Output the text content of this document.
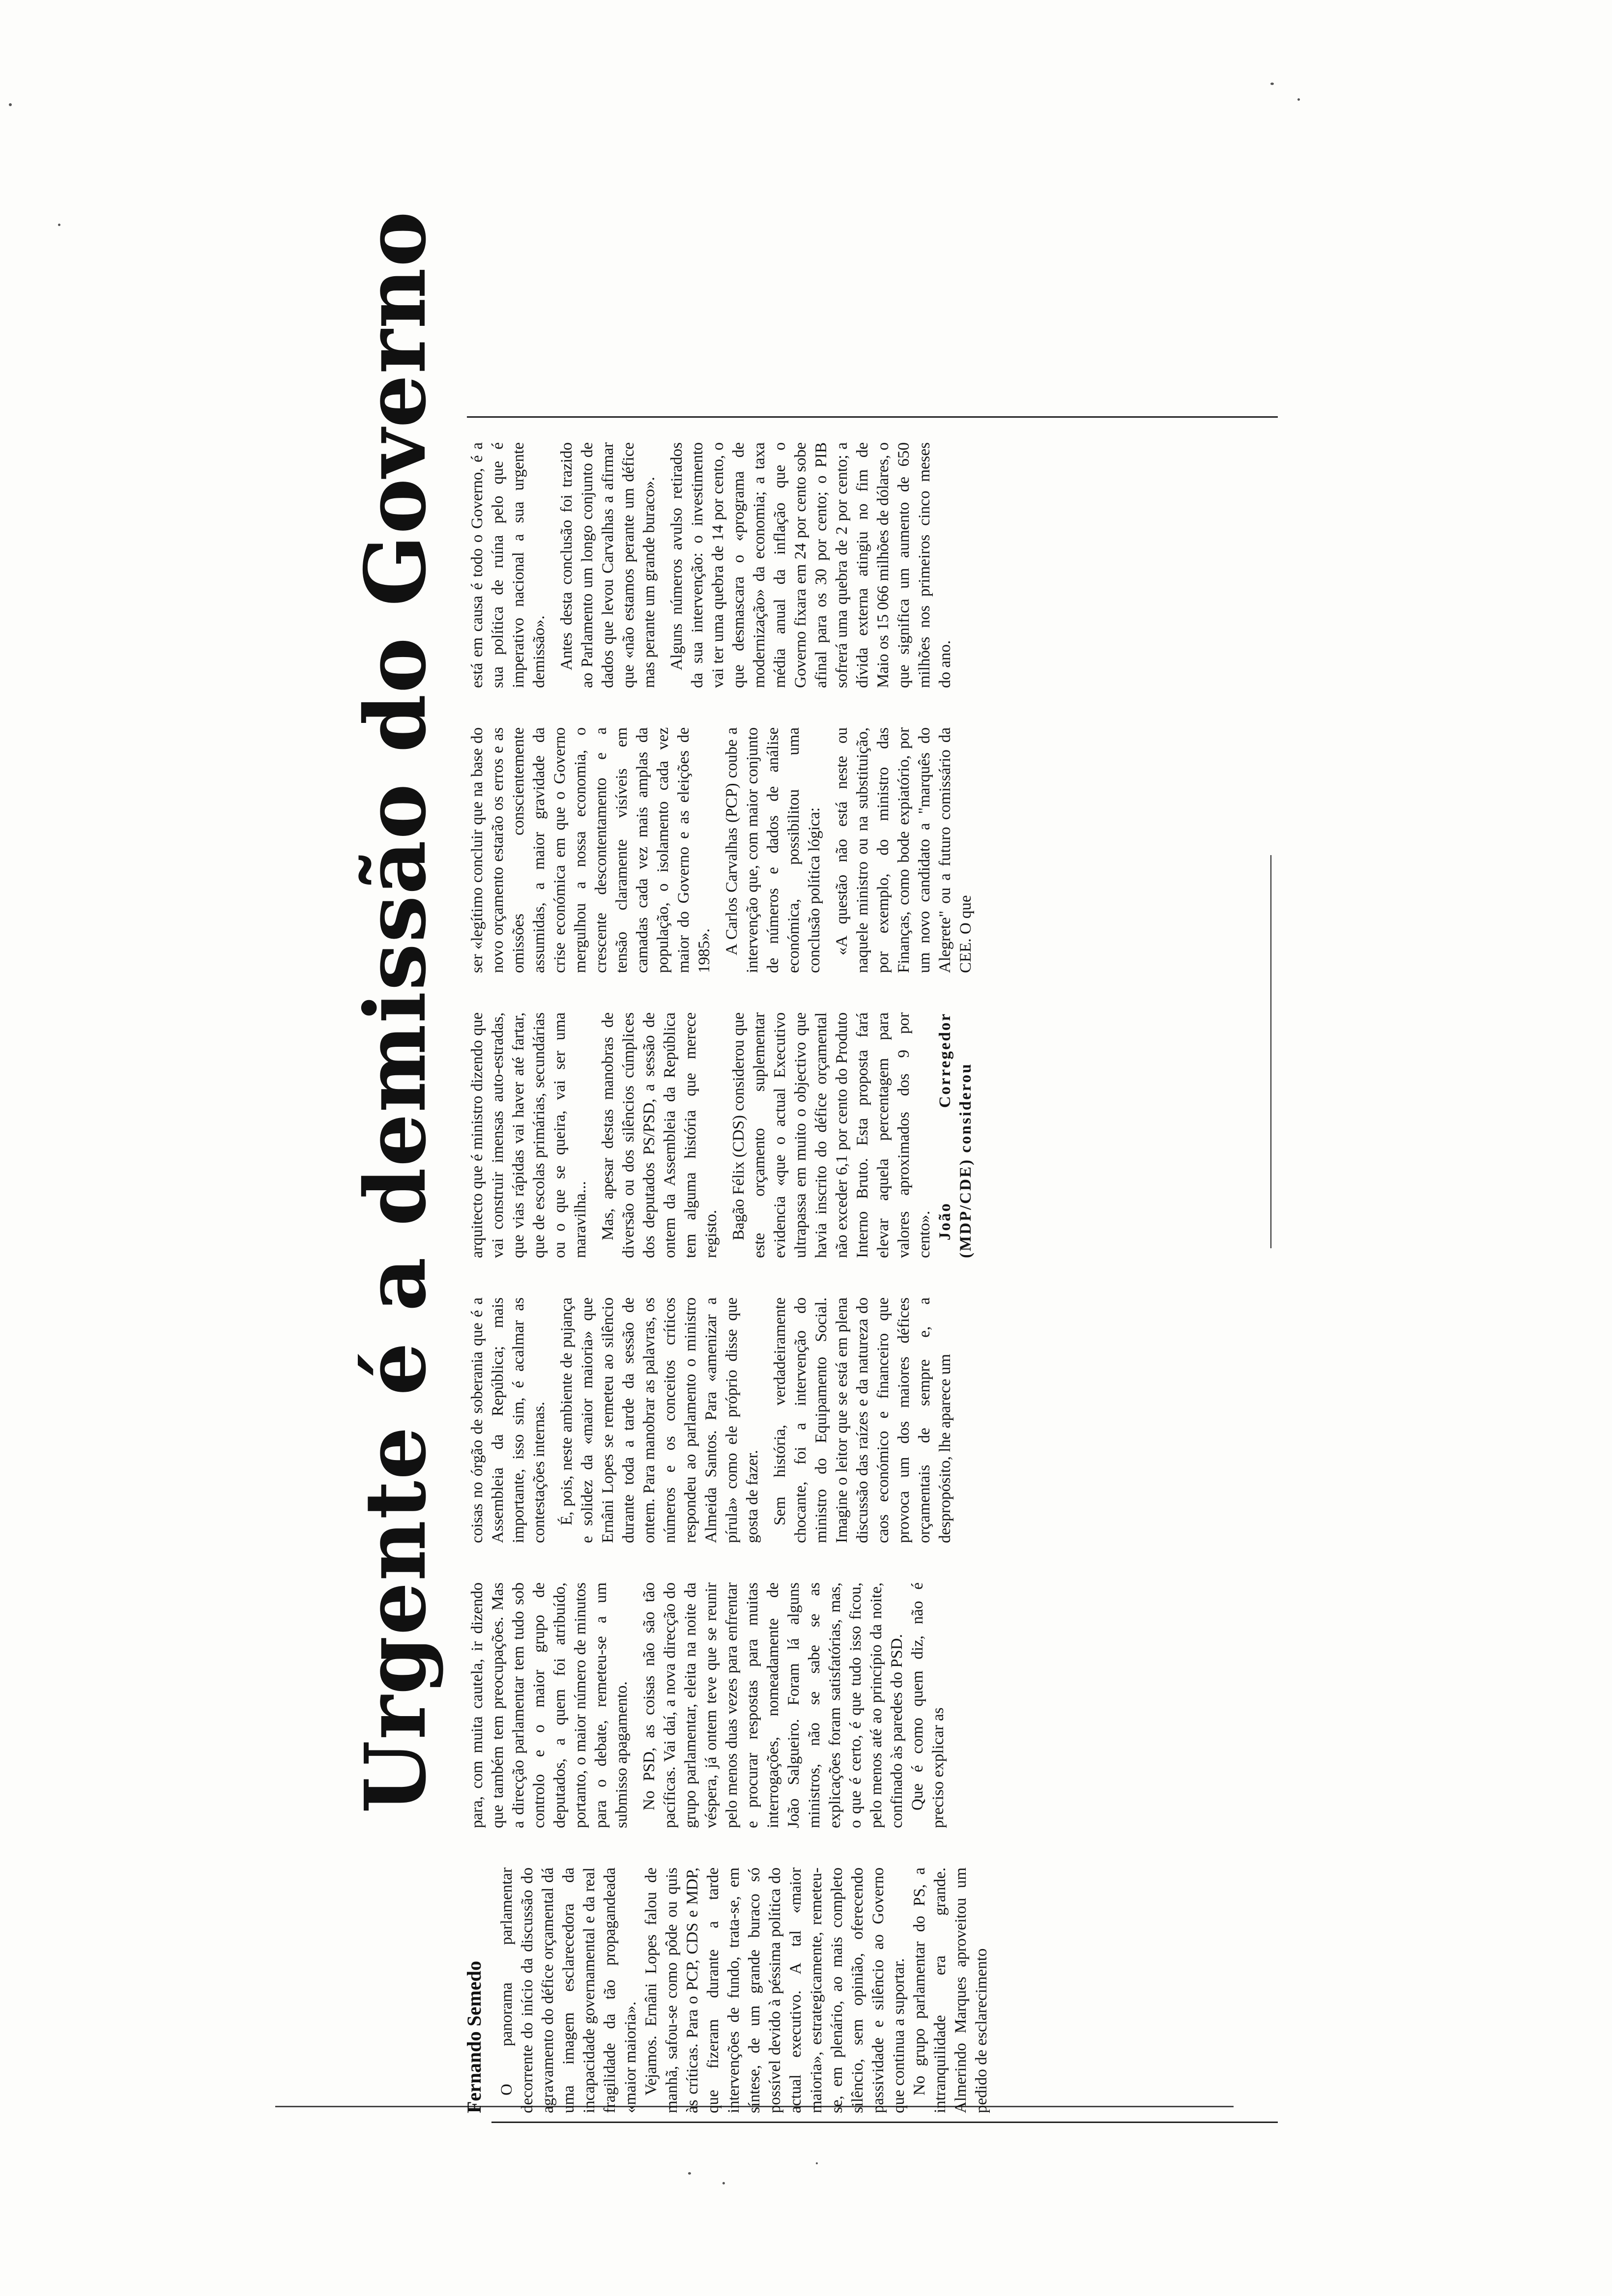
Urgente é a demissão do Governo
Fernando Semedo O panorama parlamentar decorrente do início da discussão do agravamento do défice orçamental dá uma imagem esclarecedora da incapacidade governamental e da real fragilidade da tão propagandeada «maior maioria». Vejamos. Ernâni Lopes falou de manhã, safou-se como pôde ou quis às críticas. Para o PCP, CDS e MDP, que fizeram durante a tarde intervenções de fundo, trata-se, em síntese, de um grande buraco só possível devido à péssima política do actual executivo. A tal «maior maioria», estrategicamente, remeteu-se, em plenário, ao mais completo silêncio, sem opinião, oferecendo passividade e silêncio ao Governo que continua a suportar. No grupo parlamentar do PS, a intranquilidade era grande. Almerindo Marques aproveitou um pedido de esclarecimento

para, com muita cautela, ir dizendo que também tem preocupações. Mas a direcção parlamentar tem tudo sob controlo e o maior grupo de deputados, a quem foi atribuído, portanto, o maior número de minutos para o debate, remeteu-se a um submisso apagamento. No PSD, as coisas não são tão pacíficas. Vai daí, a nova direcção do grupo parlamentar, eleita na noite da véspera, já ontem teve que se reunir pelo menos duas vezes para enfrentar e procurar respostas para muitas interrogações, nomeadamente de João Salgueiro. Foram lá alguns ministros, não se sabe se as explicações foram satisfatórias, mas, o que é certo, é que tudo isso ficou, pelo menos até ao princípio da noite, confinado às paredes do PSD. Que é como quem diz, não é preciso explicar as

coisas no órgão de soberania que é a Assembleia da República; mais importante, isso sim, é acalmar as contestações internas. É, pois, neste ambiente de pujança e solidez da «maior maioria» que Ernâni Lopes se remeteu ao silêncio durante toda a tarde da sessão de ontem. Para manobrar as palavras, os números e os conceitos críticos respondeu ao parlamento o ministro Almeida Santos. Para «amenizar a pírula» como ele próprio disse que gosta de fazer. Sem história, verdadeiramente chocante, foi a intervenção do ministro do Equipamento Social. Imagine o leitor que se está em plena discussão das raízes e da natureza do caos económico e financeiro que provoca um dos maiores défices orçamentais de sempre e, a despropósito, lhe aparece um

arquitecto que é ministro dizendo que vai construir imensas auto-estradas, que vias rápidas vai haver até fartar, que de escolas primárias, secundárias ou o que se queira, vai ser uma maravilha... Mas, apesar destas manobras de diversão ou dos silêncios cúmplices dos deputados PS/PSD, a sessão de ontem da Assembleia da República tem alguma história que merece registo. Bagão Félix (CDS) considerou que este orçamento suplementar evidencia «que o actual Executivo ultrapassa em muito o objectivo que havia inscrito do défice orçamental não exceder 6,1 por cento do Produto Interno Bruto. Esta proposta fará elevar aquela percentagem para valores aproximados dos 9 por cento». João Corregedor (MDP/CDE) considerou

ser «legítimo concluir que na base do novo orçamento estarão os erros e as omissões conscientemente assumidas, a maior gravidade da crise económica em que o Governo mergulhou a nossa economia, o crescente descontentamento e a tensão claramente visíveis em camadas cada vez mais amplas da população, o isolamento cada vez maior do Governo e as eleições de 1985». A Carlos Carvalhas (PCP) coube a intervenção que, com maior conjunto de números e dados de análise económica, possibilitou uma conclusão política lógica: «A questão não está neste ou naquele ministro ou na substituição, por exemplo, do ministro das Finanças, como bode expiatório, por um novo candidato a "marquês do Alegrete" ou a futuro comissário da CEE. O que

está em causa é todo o Governo, é a sua política de ruína pelo que é imperativo nacional a sua urgente demissão». Antes desta conclusão foi trazido ao Parlamento um longo conjunto de dados que levou Carvalhas a afirmar que «não estamos perante um défice mas perante um grande buraco». Alguns números avulso retirados da sua intervenção: o investimento vai ter uma quebra de 14 por cento, o que desmascara o «programa de modernização» da economia; a taxa média anual da inflação que o Governo fixara em 24 por cento sobe afinal para os 30 por cento; o PIB sofrerá uma quebra de 2 por cento; a dívida externa atingiu no fim de Maio os 15 066 milhões de dólares, o que significa um aumento de 650 milhões nos primeiros cinco meses do ano.
